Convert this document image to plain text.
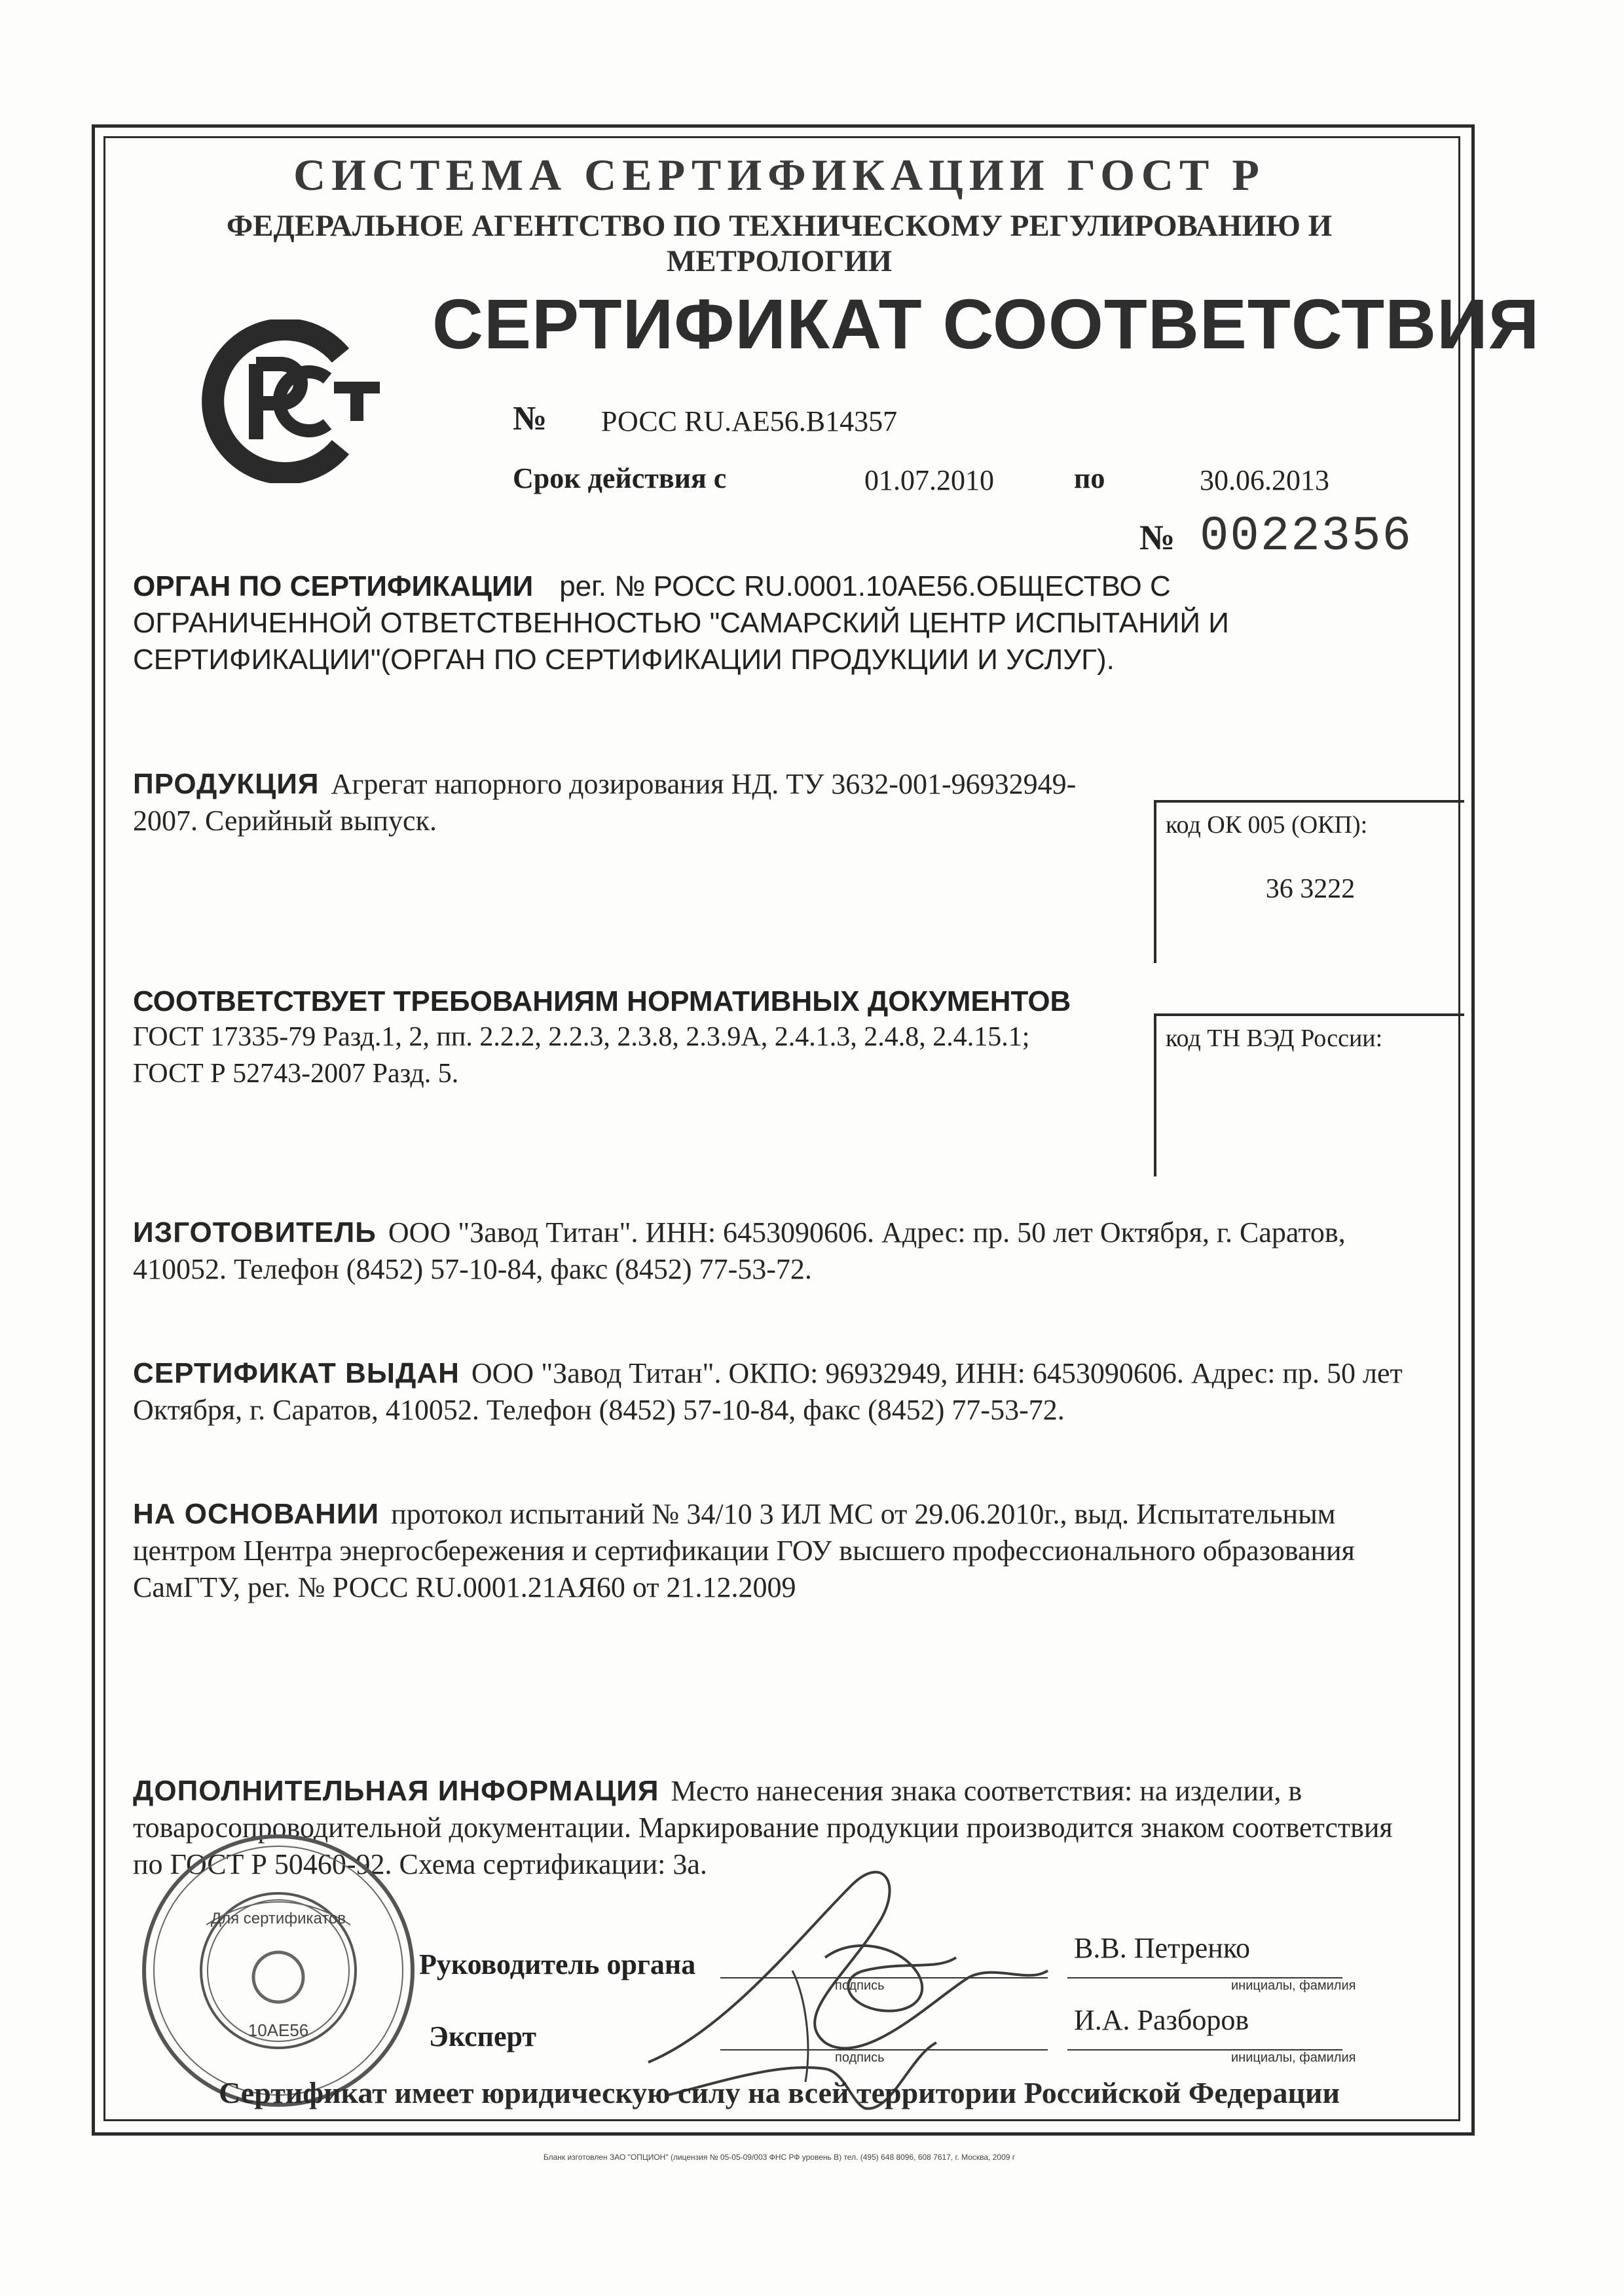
СИСТЕМА СЕРТИФИКАЦИИ ГОСТ Р
ФЕДЕРАЛЬНОЕ АГЕНТСТВО ПО ТЕХНИЧЕСКОМУ РЕГУЛИРОВАНИЮ И МЕТРОЛОГИИ
СЕРТИФИКАТ СООТВЕТСТВИЯ
№ РОСС RU.AE56.B14357
Срок действия с	01.07.2010	по	30.06.2013
№ 0022356
ОРГАН ПО СЕРТИФИКАЦИИ рег. № РОСС RU.0001.10АЕ56.ОБЩЕСТВО С ОГРАНИЧЕННОЙ ОТВЕТСТВЕННОСТЬЮ "САМАРСКИЙ ЦЕНТР ИСПЫТАНИЙ И СЕРТИФИКАЦИИ"(ОРГАН ПО СЕРТИФИКАЦИИ ПРОДУКЦИИ И УСЛУГ).
ПРОДУКЦИЯ Агрегат напорного дозирования НД. ТУ 3632-001-96932949-2007. Серийный выпуск.	код ОК 005 (ОКП):
36 3222
СООТВЕТСТВУЕТ ТРЕБОВАНИЯМ НОРМАТИВНЫХ ДОКУМЕНТОВ
ГОСТ 17335-79 Разд.1, 2, пп. 2.2.2, 2.2.3, 2.3.8, 2.3.9А, 2.4.1.3, 2.4.8, 2.4.15.1;
ГОСТ Р 52743-2007 Разд. 5.
код ТН ВЭД России:
ИЗГОТОВИТЕЛЬ ООО "Завод Титан". ИНН: 6453090606. Адрес: пр. 50 лет Октября, г. Саратов, 410052. Телефон (8452) 57-10-84, факс (8452) 77-53-72.
СЕРТИФИКАТ ВЫДАН ООО "Завод Титан". ОКПО: 96932949, ИНН: 6453090606. Адрес: пр. 50 лет Октября, г. Саратов, 410052. Телефон (8452) 57-10-84, факс (8452) 77-53-72.
НА ОСНОВАНИИ протокол испытаний № 34/10 3 ИЛ МС от 29.06.2010г., выд. Испытательным центром Центра энергосбережения и сертификации ГОУ высшего профессионального образования СамГТУ, рег. № РОСС RU.0001.21АЯ60 от 21.12.2009
ДОПОЛНИТЕЛЬНАЯ ИНФОРМАЦИЯ Место нанесения знака соответствия: на изделии, в товаросопроводительной документации. Маркирование продукции производится знаком соответствия по ГОСТ Р 50460-92. Схема сертификации: 3а.
Руководитель органа
подпись
В.В. Петренко
инициалы, фамилия
Эксперт
подпись
И.А. Разборов
инициалы, фамилия
Для сертификатов
10АЕ56
Сертификат имеет юридическую силу на всей территории Российской Федерации
Бланк изготовлен ЗАО "ОПЦИОН" (лицензия № 05-05-09/003 ФНС РФ уровень В) тел. (495) 648 8096, 608 7617, г. Москва, 2009 г
